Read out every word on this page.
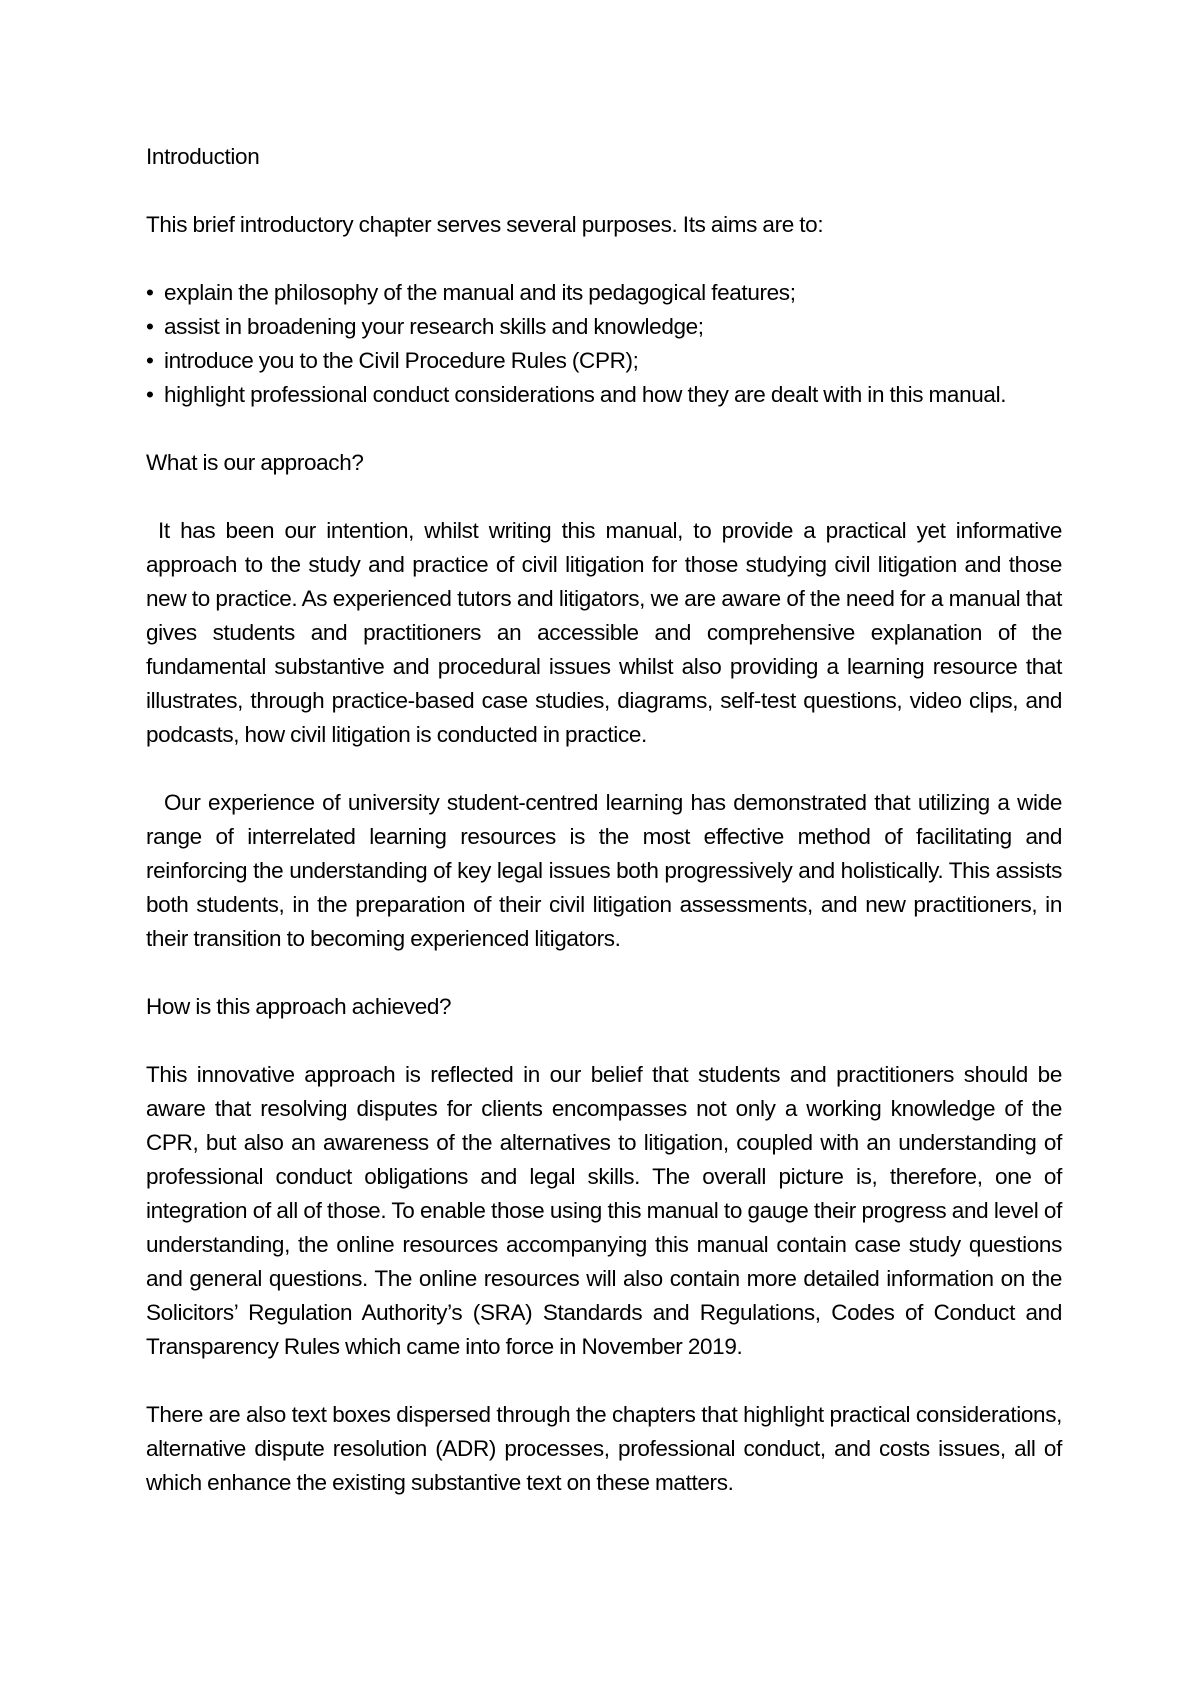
Introduction
This brief introductory chapter serves several purposes. Its aims are to:
• explain the philosophy of the manual and its pedagogical features;
• assist in broadening your research skills and knowledge;
• introduce you to the Civil Procedure Rules (CPR);
• highlight professional conduct considerations and how they are dealt with in this manual.
What is our approach?
It has been our intention, whilst writing this manual, to provide a practical yet informative approach to the study and practice of civil litigation for those studying civil litigation and those new to practice. As experienced tutors and litigators, we are aware of the need for a manual that gives students and practitioners an accessible and comprehensive explanation of the fundamental substantive and procedural issues whilst also providing a learning resource that illustrates, through practice-based case studies, diagrams, self-test questions, video clips, and podcasts, how civil litigation is conducted in practice.
Our experience of university student-centred learning has demonstrated that utilizing a wide range of interrelated learning resources is the most effective method of facilitating and reinforcing the understanding of key legal issues both progressively and holistically. This assists both students, in the preparation of their civil litigation assessments, and new practitioners, in their transition to becoming experienced litigators.
How is this approach achieved?
This innovative approach is reflected in our belief that students and practitioners should be aware that resolving disputes for clients encompasses not only a working knowledge of the CPR, but also an awareness of the alternatives to litigation, coupled with an understanding of professional conduct obligations and legal skills. The overall picture is, therefore, one of integration of all of those. To enable those using this manual to gauge their progress and level of understanding, the online resources accompanying this manual contain case study questions and general questions. The online resources will also contain more detailed information on the Solicitors’ Regulation Authority’s (SRA) Standards and Regulations, Codes of Conduct and Transparency Rules which came into force in November 2019.
There are also text boxes dispersed through the chapters that highlight practical considerations, alternative dispute resolution (ADR) processes, professional conduct, and costs issues, all of which enhance the existing substantive text on these matters.
